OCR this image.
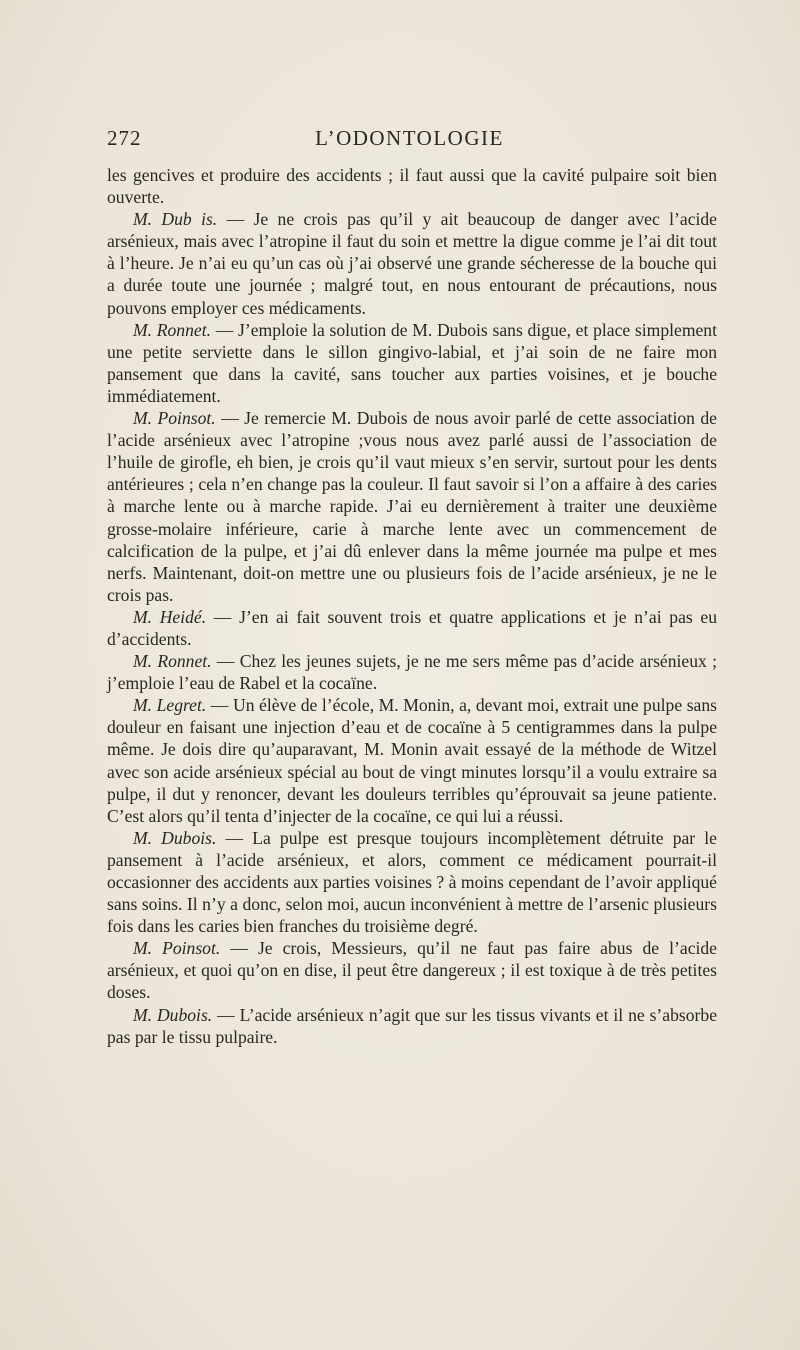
272	L’ODONTOLOGIE

les gencives et produire des accidents ; il faut aussi que la cavité pulpaire soit bien ouverte.

M. Dub is. — Je ne crois pas qu’il y ait beaucoup de danger avec l’acide arsénieux, mais avec l’atropine il faut du soin et mettre la digue comme je l’ai dit tout à l’heure. Je n’ai eu qu’un cas où j’ai observé une grande sécheresse de la bouche qui a durée toute une journée ; malgré tout, en nous entourant de précautions, nous pouvons employer ces médicaments.

M. Ronnet. — J’emploie la solution de M. Dubois sans digue, et place simplement une petite serviette dans le sillon gingivo-labial, et j’ai soin de ne faire mon pansement que dans la cavité, sans toucher aux parties voisines, et je bouche immédiatement.

M. Poinsot. — Je remercie M. Dubois de nous avoir parlé de cette association de l’acide arsénieux avec l’atropine ;vous nous avez parlé aussi de l’association de l’huile de girofle, eh bien, je crois qu’il vaut mieux s’en servir, surtout pour les dents antérieures ; cela n’en change pas la couleur. Il faut savoir si l’on a affaire à des caries à marche lente ou à marche rapide. J’ai eu dernièrement à traiter une deuxième grosse-molaire inférieure, carie à marche lente avec un commencement de calcification de la pulpe, et j’ai dû enlever dans la même journée ma pulpe et mes nerfs. Maintenant, doit-on mettre une ou plusieurs fois de l’acide arsénieux, je ne le crois pas.

M. Heidé. — J’en ai fait souvent trois et quatre applications et je n’ai pas eu d’accidents.

M. Ronnet. — Chez les jeunes sujets, je ne me sers même pas d’acide arsénieux ; j’emploie l’eau de Rabel et la cocaïne.

M. Legret. — Un élève de l’école, M. Monin, a, devant moi, extrait une pulpe sans douleur en faisant une injection d’eau et de cocaïne à 5 centigrammes dans la pulpe même. Je dois dire qu’auparavant, M. Monin avait essayé de la méthode de Witzel avec son acide arsénieux spécial au bout de vingt minutes lorsqu’il a voulu extraire sa pulpe, il dut y renoncer, devant les douleurs terribles qu’éprouvait sa jeune patiente. C’est alors qu’il tenta d’injecter de la cocaïne, ce qui lui a réussi.

M. Dubois. — La pulpe est presque toujours incomplètement détruite par le pansement à l’acide arsénieux, et alors, comment ce médicament pourrait-il occasionner des accidents aux parties voisines ? à moins cependant de l’avoir appliqué sans soins. Il n’y a donc, selon moi, aucun inconvénient à mettre de l’arsenic plusieurs fois dans les caries bien franches du troisième degré.

M. Poinsot. — Je crois, Messieurs, qu’il ne faut pas faire abus de l’acide arsénieux, et quoi qu’on en dise, il peut être dangereux ; il est toxique à de très petites doses.

M. Dubois. — L’acide arsénieux n’agit que sur les tissus vivants et il ne s’absorbe pas par le tissu pulpaire.
